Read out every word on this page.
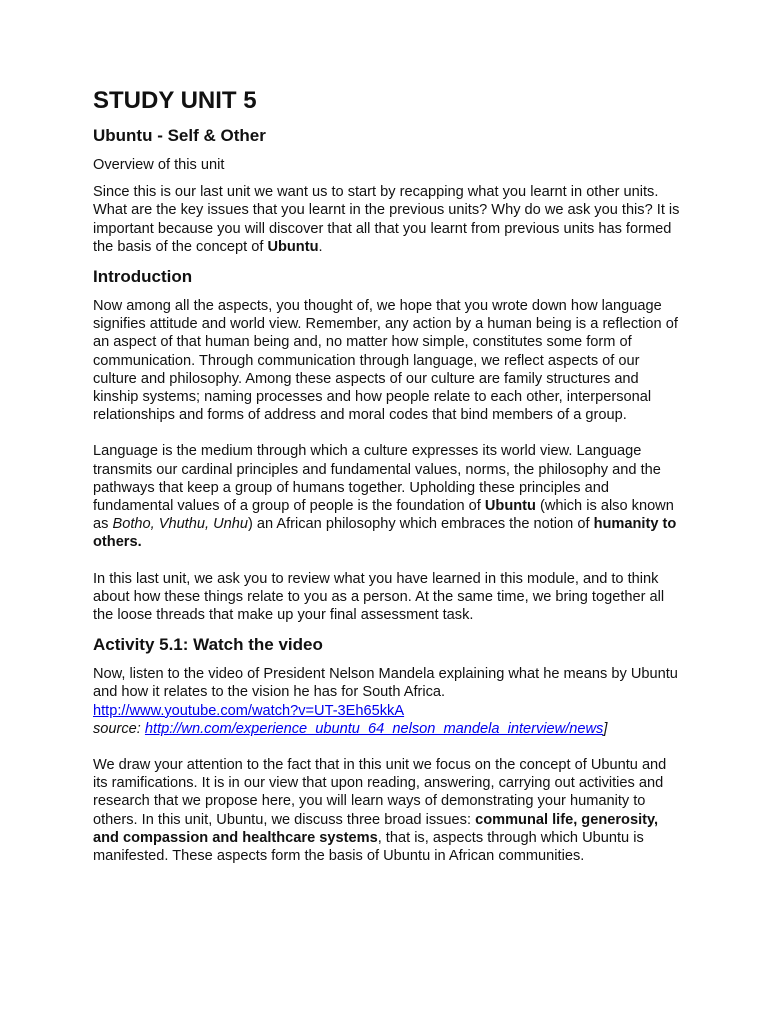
STUDY UNIT 5
Ubuntu - Self & Other

Overview of this unit

Since this is our last unit we want us to start by recapping what you learnt in other units. What are the key issues that you learnt in the previous units? Why do we ask you this? It is important because you will discover that all that you learnt from previous units has formed the basis of the concept of Ubuntu.

Introduction

Now among all the aspects, you thought of, we hope that you wrote down how language signifies attitude and world view. Remember, any action by a human being is a reflection of an aspect of that human being and, no matter how simple, constitutes some form of communication. Through communication through language, we reflect aspects of our culture and philosophy. Among these aspects of our culture are family structures and kinship systems; naming processes and how people relate to each other, interpersonal relationships and forms of address and moral codes that bind members of a group.

Language is the medium through which a culture expresses its world view. Language transmits our cardinal principles and fundamental values, norms, the philosophy and the pathways that keep a group of humans together. Upholding these principles and fundamental values of a group of people is the foundation of Ubuntu (which is also known as Botho, Vhuthu, Unhu) an African philosophy which embraces the notion of humanity to others.

In this last unit, we ask you to review what you have learned in this module, and to think about how these things relate to you as a person. At the same time, we bring together all the loose threads that make up your final assessment task.

Activity 5.1: Watch the video

Now, listen to the video of President Nelson Mandela explaining what he means by Ubuntu and how it relates to the vision he has for South Africa.

http://www.youtube.com/watch?v=UT-3Eh65kkA
source: http://wn.com/experience_ubuntu_64_nelson_mandela_interview/news]

We draw your attention to the fact that in this unit we focus on the concept of Ubuntu and its ramifications. It is in our view that upon reading, answering, carrying out activities and research that we propose here, you will learn ways of demonstrating your humanity to others. In this unit, Ubuntu, we discuss three broad issues: communal life, generosity, and compassion and healthcare systems, that is, aspects through which Ubuntu is manifested. These aspects form the basis of Ubuntu in African communities.
